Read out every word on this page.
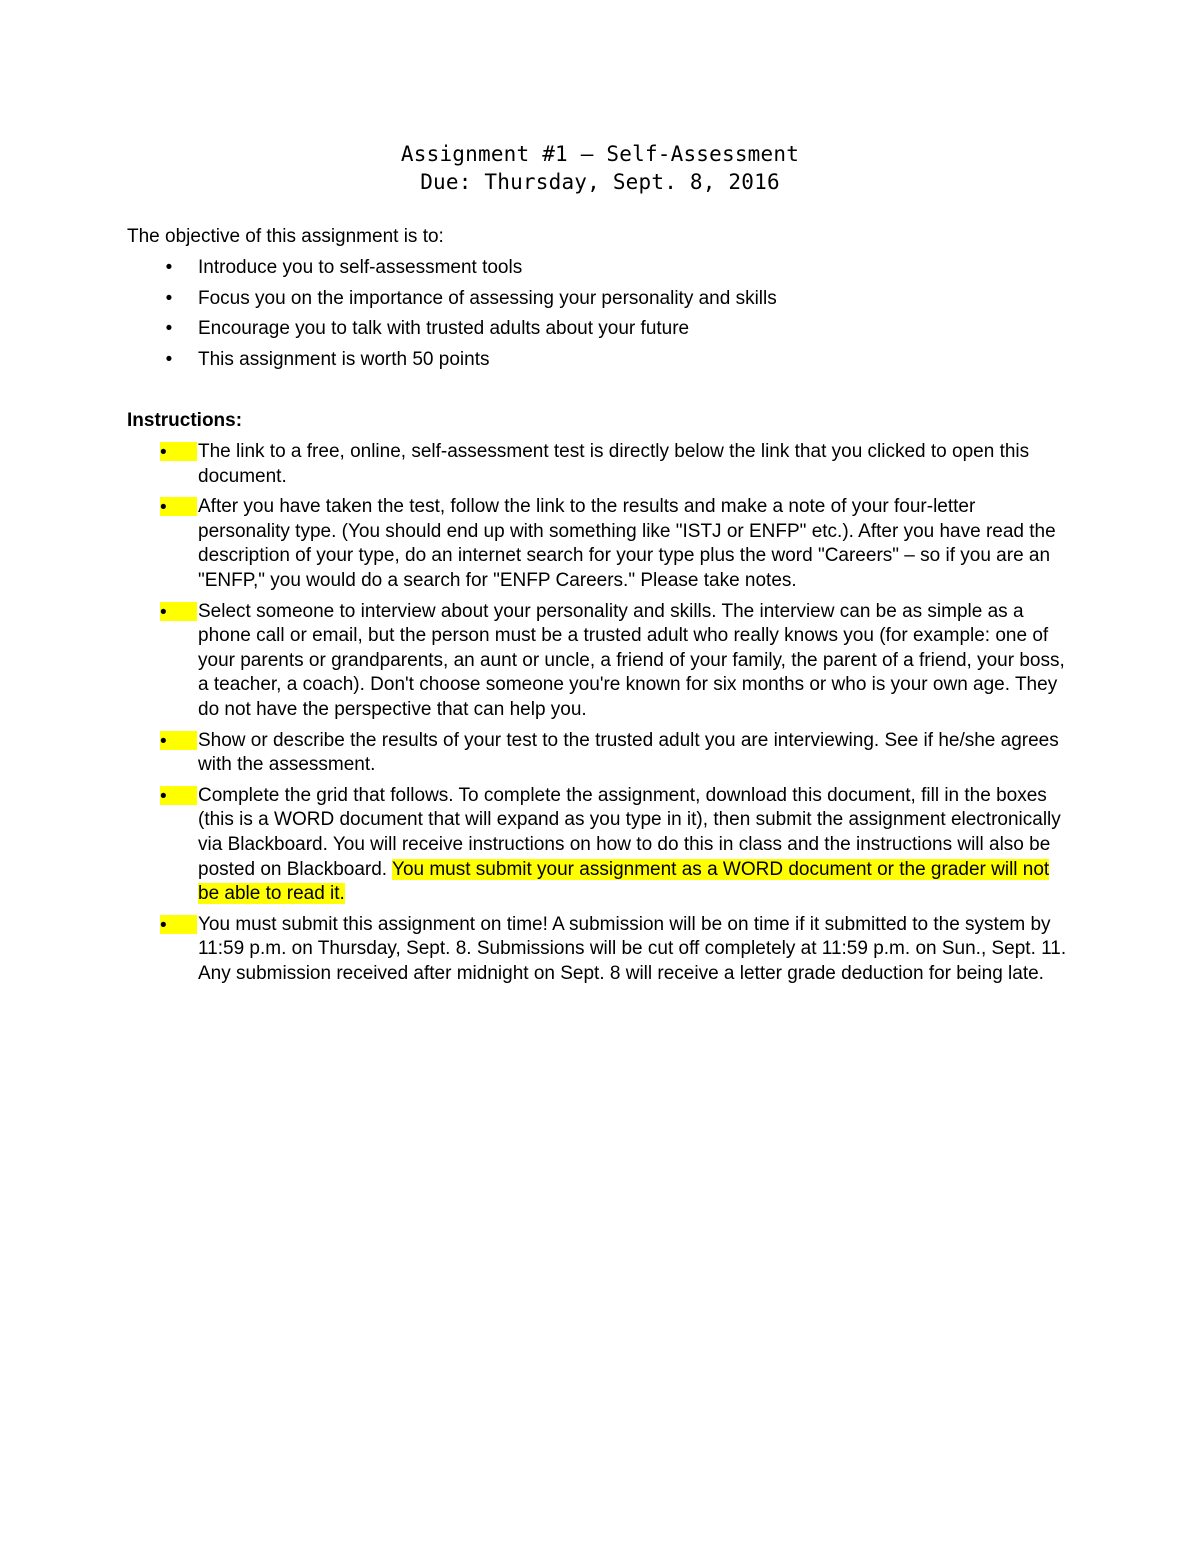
Assignment #1 – Self-Assessment
Due: Thursday, Sept. 8, 2016
The objective of this assignment is to:
• Introduce you to self-assessment tools
• Focus you on the importance of assessing your personality and skills
• Encourage you to talk with trusted adults about your future
• This assignment is worth 50 points
Instructions:
•	The link to a free, online, self-assessment test is directly below the link that you clicked to open this document.
•	After you have taken the test, follow the link to the results and make a note of your four-letter personality type. (You should end up with something like "ISTJ or ENFP" etc.). After you have read the description of your type, do an internet search for your type plus the word "Careers" – so if you are an "ENFP," you would do a search for "ENFP Careers." Please take notes.
•	Select someone to interview about your personality and skills. The interview can be as simple as a phone call or email, but the person must be a trusted adult who really knows you (for example: one of your parents or grandparents, an aunt or uncle, a friend of your family, the parent of a friend, your boss, a teacher, a coach). Don't choose someone you're known for six months or who is your own age. They do not have the perspective that can help you.
•	Show or describe the results of your test to the trusted adult you are interviewing. See if he/she agrees with the assessment.
•	Complete the grid that follows. To complete the assignment, download this document, fill in the boxes (this is a WORD document that will expand as you type in it), then submit the assignment electronically via Blackboard. You will receive instructions on how to do this in class and the instructions will also be posted on Blackboard. You must submit your assignment as a WORD document or the grader will not be able to read it.
•	You must submit this assignment on time! A submission will be on time if it submitted to the system by 11:59 p.m. on Thursday, Sept. 8. Submissions will be cut off completely at 11:59 p.m. on Sun., Sept. 11. Any submission received after midnight on Sept. 8 will receive a letter grade deduction for being late.
